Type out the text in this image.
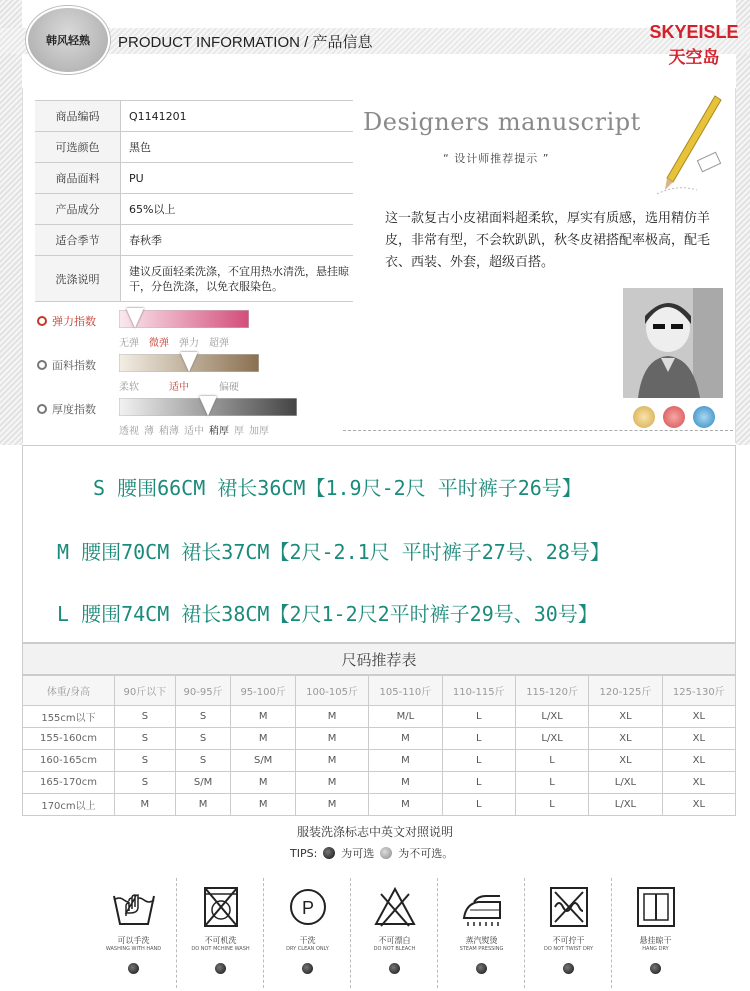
韩风轻熟 PRODUCT INFORMATION / 产品信息
SKYEISLE
天空岛
商品编码	Q1141201
可选颜色	黑色
商品面料	PU
产品成分	65%以上
适合季节	春秋季
洗涤说明
建议反面轻柔洗涤，不宜用热水清洗，悬挂晾干，分色洗涤，以免衣服染色。
弹力指数
无弹 微弹 弹力 超弹
面料指数
柔软	适中	偏硬
厚度指数
透视 薄 稍薄 适中 稍厚 厚 加厚
Designers manuscript
“ 设计师推荐提示 ”
这一款复古小皮裙面料超柔软，厚实有质感，选用精仿羊皮，非常有型，不会软趴趴，秋冬皮裙搭配率极高，配毛衣、西装、外套，超级百搭。
S 腰围66CM 裙长36CM【1.9尺-2尺 平时裤子26号】
M 腰围70CM 裙长37CM【2尺-2.1尺 平时裤子27号、28号】
L 腰围74CM 裙长38CM【2尺1-2尺2平时裤子29号、30号】
尺码推荐表
体重/身高	90斤以下	90-95斤	95-100斤	100-105斤	105-110斤	110-115斤	115-120斤	120-125斤	125-130斤
155cm以下	S	S	M	M	M/L	L	L/XL	XL	XL
155-160cm	S	S	M	M	M	L	L/XL	XL	XL
160-165cm	S	S	S/M	M	M	L	L	XL	XL
165-170cm	S	S/M	M	M	M	L	L	L/XL	XL
170cm以上	M	M	M	M	M	L	L	L/XL	XL
服装洗涤标志中英文对照说明
TIPS: 为可选 为不可选。
可以手洗
WASHING WITH HAND
不可机洗
DO NOT MCHINE WASH
P
干洗
DRY CLEAN ONLY
不可漂白
DO NOT BLEACH
蒸汽熨烫
STEAM PRESSING
不可拧干
DO NOT TWIST DRY
悬挂晾干
HANG DRY
